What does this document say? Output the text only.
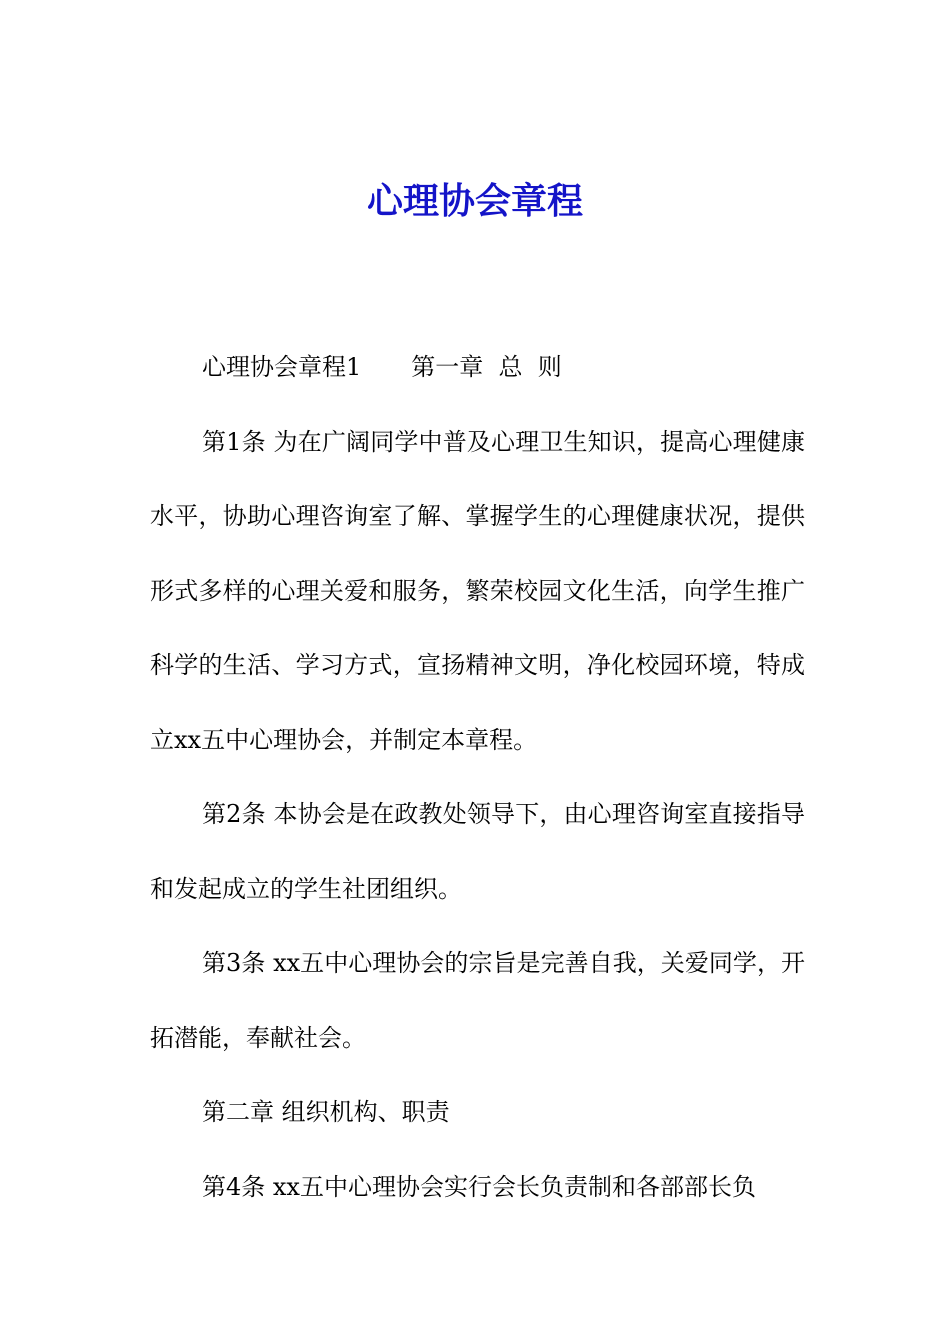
心理协会章程

心理协会章程1 第一章  总  则

第1条 为在广阔同学中普及心理卫生知识，提高心理健康水平，协助心理咨询室了解、掌握学生的心理健康状况，提供形式多样的心理关爱和服务，繁荣校园文化生活，向学生推广科学的生活、学习方式，宣扬精神文明，净化校园环境，特成立xx五中心理协会，并制定本章程。

第2条 本协会是在政教处领导下，由心理咨询室直接指导和发起成立的学生社团组织。

第3条 xx五中心理协会的宗旨是完善自我，关爱同学，开拓潜能，奉献社会。

第二章 组织机构、职责

第4条 xx五中心理协会实行会长负责制和各部部长负
